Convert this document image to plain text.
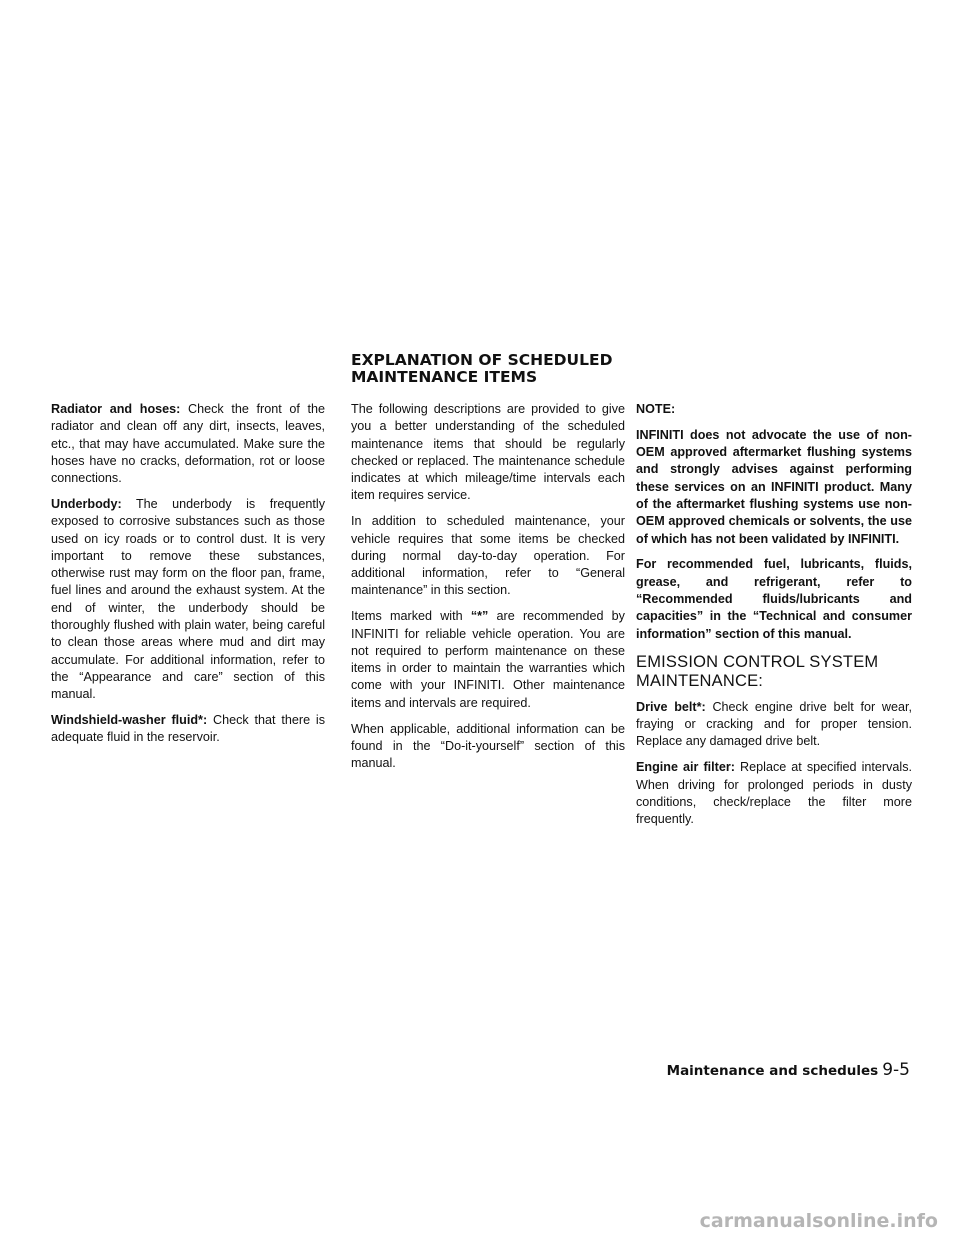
EXPLANATION OF SCHEDULED
MAINTENANCE ITEMS

Radiator and hoses: Check the front of the radiator and clean off any dirt, insects, leaves, etc., that may have accumulated. Make sure the hoses have no cracks, deformation, rot or loose connections.

Underbody: The underbody is frequently exposed to corrosive substances such as those used on icy roads or to control dust. It is very important to remove these substances, otherwise rust may form on the floor pan, frame, fuel lines and around the exhaust system. At the end of winter, the underbody should be thoroughly flushed with plain water, being careful to clean those areas where mud and dirt may accumulate. For additional information, refer to the “Appearance and care” section of this manual.

Windshield-washer fluid*: Check that there is adequate fluid in the reservoir.

The following descriptions are provided to give you a better understanding of the scheduled maintenance items that should be regularly checked or replaced. The maintenance schedule indicates at which mileage/time intervals each item requires service.

In addition to scheduled maintenance, your vehicle requires that some items be checked during normal day-to-day operation. For additional information, refer to “General maintenance” in this section.

Items marked with “*” are recommended by INFINITI for reliable vehicle operation. You are not required to perform maintenance on these items in order to maintain the warranties which come with your INFINITI. Other maintenance items and intervals are required.

When applicable, additional information can be found in the “Do-it-yourself” section of this manual.

NOTE:

INFINITI does not advocate the use of non-OEM approved aftermarket flushing systems and strongly advises against performing these services on an INFINITI product. Many of the aftermarket flushing systems use non-OEM approved chemicals or solvents, the use of which has not been validated by INFINITI.

For recommended fuel, lubricants, fluids, grease, and refrigerant, refer to “Recommended fluids/lubricants and capacities” in the “Technical and consumer information” section of this manual.

EMISSION CONTROL SYSTEM
MAINTENANCE:

Drive belt*: Check engine drive belt for wear, fraying or cracking and for proper tension. Replace any damaged drive belt.

Engine air filter: Replace at specified intervals. When driving for prolonged periods in dusty conditions, check/replace the filter more frequently.

Maintenance and schedules 9-5
carmanualsonline.info
